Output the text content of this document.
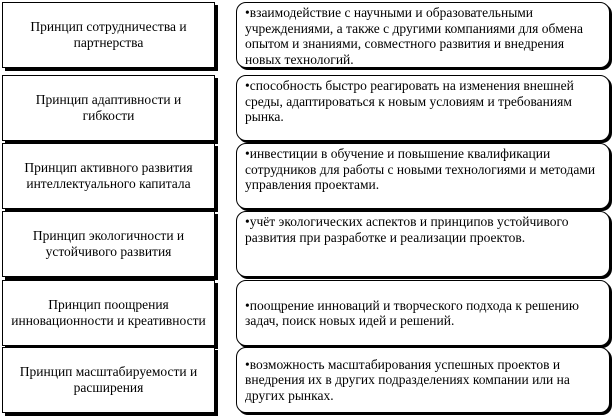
Принцип сотрудничества и партнерства
•взаимодействие с научными и образовательными учреждениями, а также с другими компаниями для обмена опытом и знаниями, совместного развития и внедрения новых технологий.
Принцип адаптивности и гибкости
•способность быстро реагировать на изменения внешней среды, адаптироваться к новым условиям и требованиям рынка.
Принцип активного развития интеллектуального капитала
•инвестиции в обучение и повышение квалификации сотрудников для работы с новыми технологиями и методами управления проектами.
Принцип экологичности и устойчивого развития
•учёт экологических аспектов и принципов устойчивого развития при разработке и реализации проектов.
Принцип поощрения инновационности и креативности
•поощрение инноваций и творческого подхода к решению задач, поиск новых идей и решений.
Принцип масштабируемости и расширения
•возможность масштабирования успешных проектов и внедрения их в других подразделениях компании или на других рынках.
